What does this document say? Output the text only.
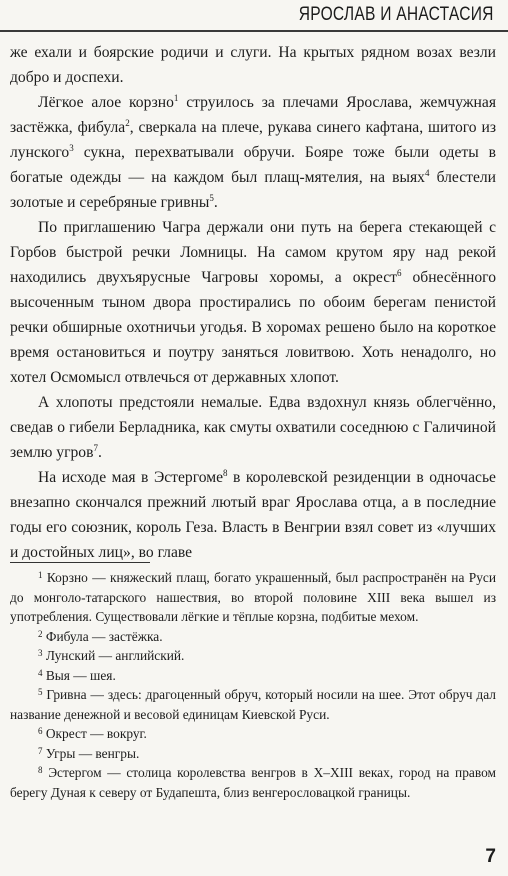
ЯРОСЛАВ И АНАСТАСИЯ

же ехали и боярские родичи и слуги. На крытых рядном возах везли добро и доспехи.

Лёгкое алое корзно$^1$ струилось за плечами Ярослава, жемчужная застёжка, фибула$^2$, сверкала на плече, рукава синего кафтана, шитого из лунского$^3$ сукна, перехватывали обручи. Бояре тоже были одеты в богатые одежды — на каждом был плащ-мятелия, на выях$^4$ блестели золотые и серебряные гривны$^5$.

По приглашению Чагра держали они путь на берега стекающей с Горбов быстрой речки Ломницы. На самом крутом яру над рекой находились двухъярусные Чагровы хоромы, а окрест$^6$ обнесённого высоченным тыном двора простирались по обоим берегам пенистой речки обширные охотничьи угодья. В хоромах решено было на короткое время остановиться и поутру заняться ловитвою. Хоть ненадолго, но хотел Осмомысл отвлечься от державных хлопот.

А хлопоты предстояли немалые. Едва вздохнул князь облегчённо, сведав о гибели Берладника, как смуты охватили соседнюю с Галичиной землю угров$^7$.

На исходе мая в Эстергоме$^8$ в королевской резиденции в одночасье внезапно скончался прежний лютый враг Ярослава отца, а в последние годы его союзник, король Геза. Власть в Венгрии взял совет из «лучших и достойных лиц», во главе

$^1$ Корзно — княжеский плащ, богато украшенный, был распространён на Руси до монголо-татарского нашествия, во второй половине XIII века вышел из употребления. Существовали лёгкие и тёплые корзна, подбитые мехом.

$^2$ Фибула — застёжка.

$^3$ Лунский — английский.

$^4$ Выя — шея.

$^5$ Гривна — здесь: драгоценный обруч, который носили на шее. Этот обруч дал название денежной и весовой единицам Киевской Руси.

$^6$ Окрест — вокруг.

$^7$ Угры — венгры.

$^8$ Эстергом — столица королевства венгров в X–XIII веках, город на правом берегу Дуная к северу от Будапешта, близ венгерословацкой границы.

7
